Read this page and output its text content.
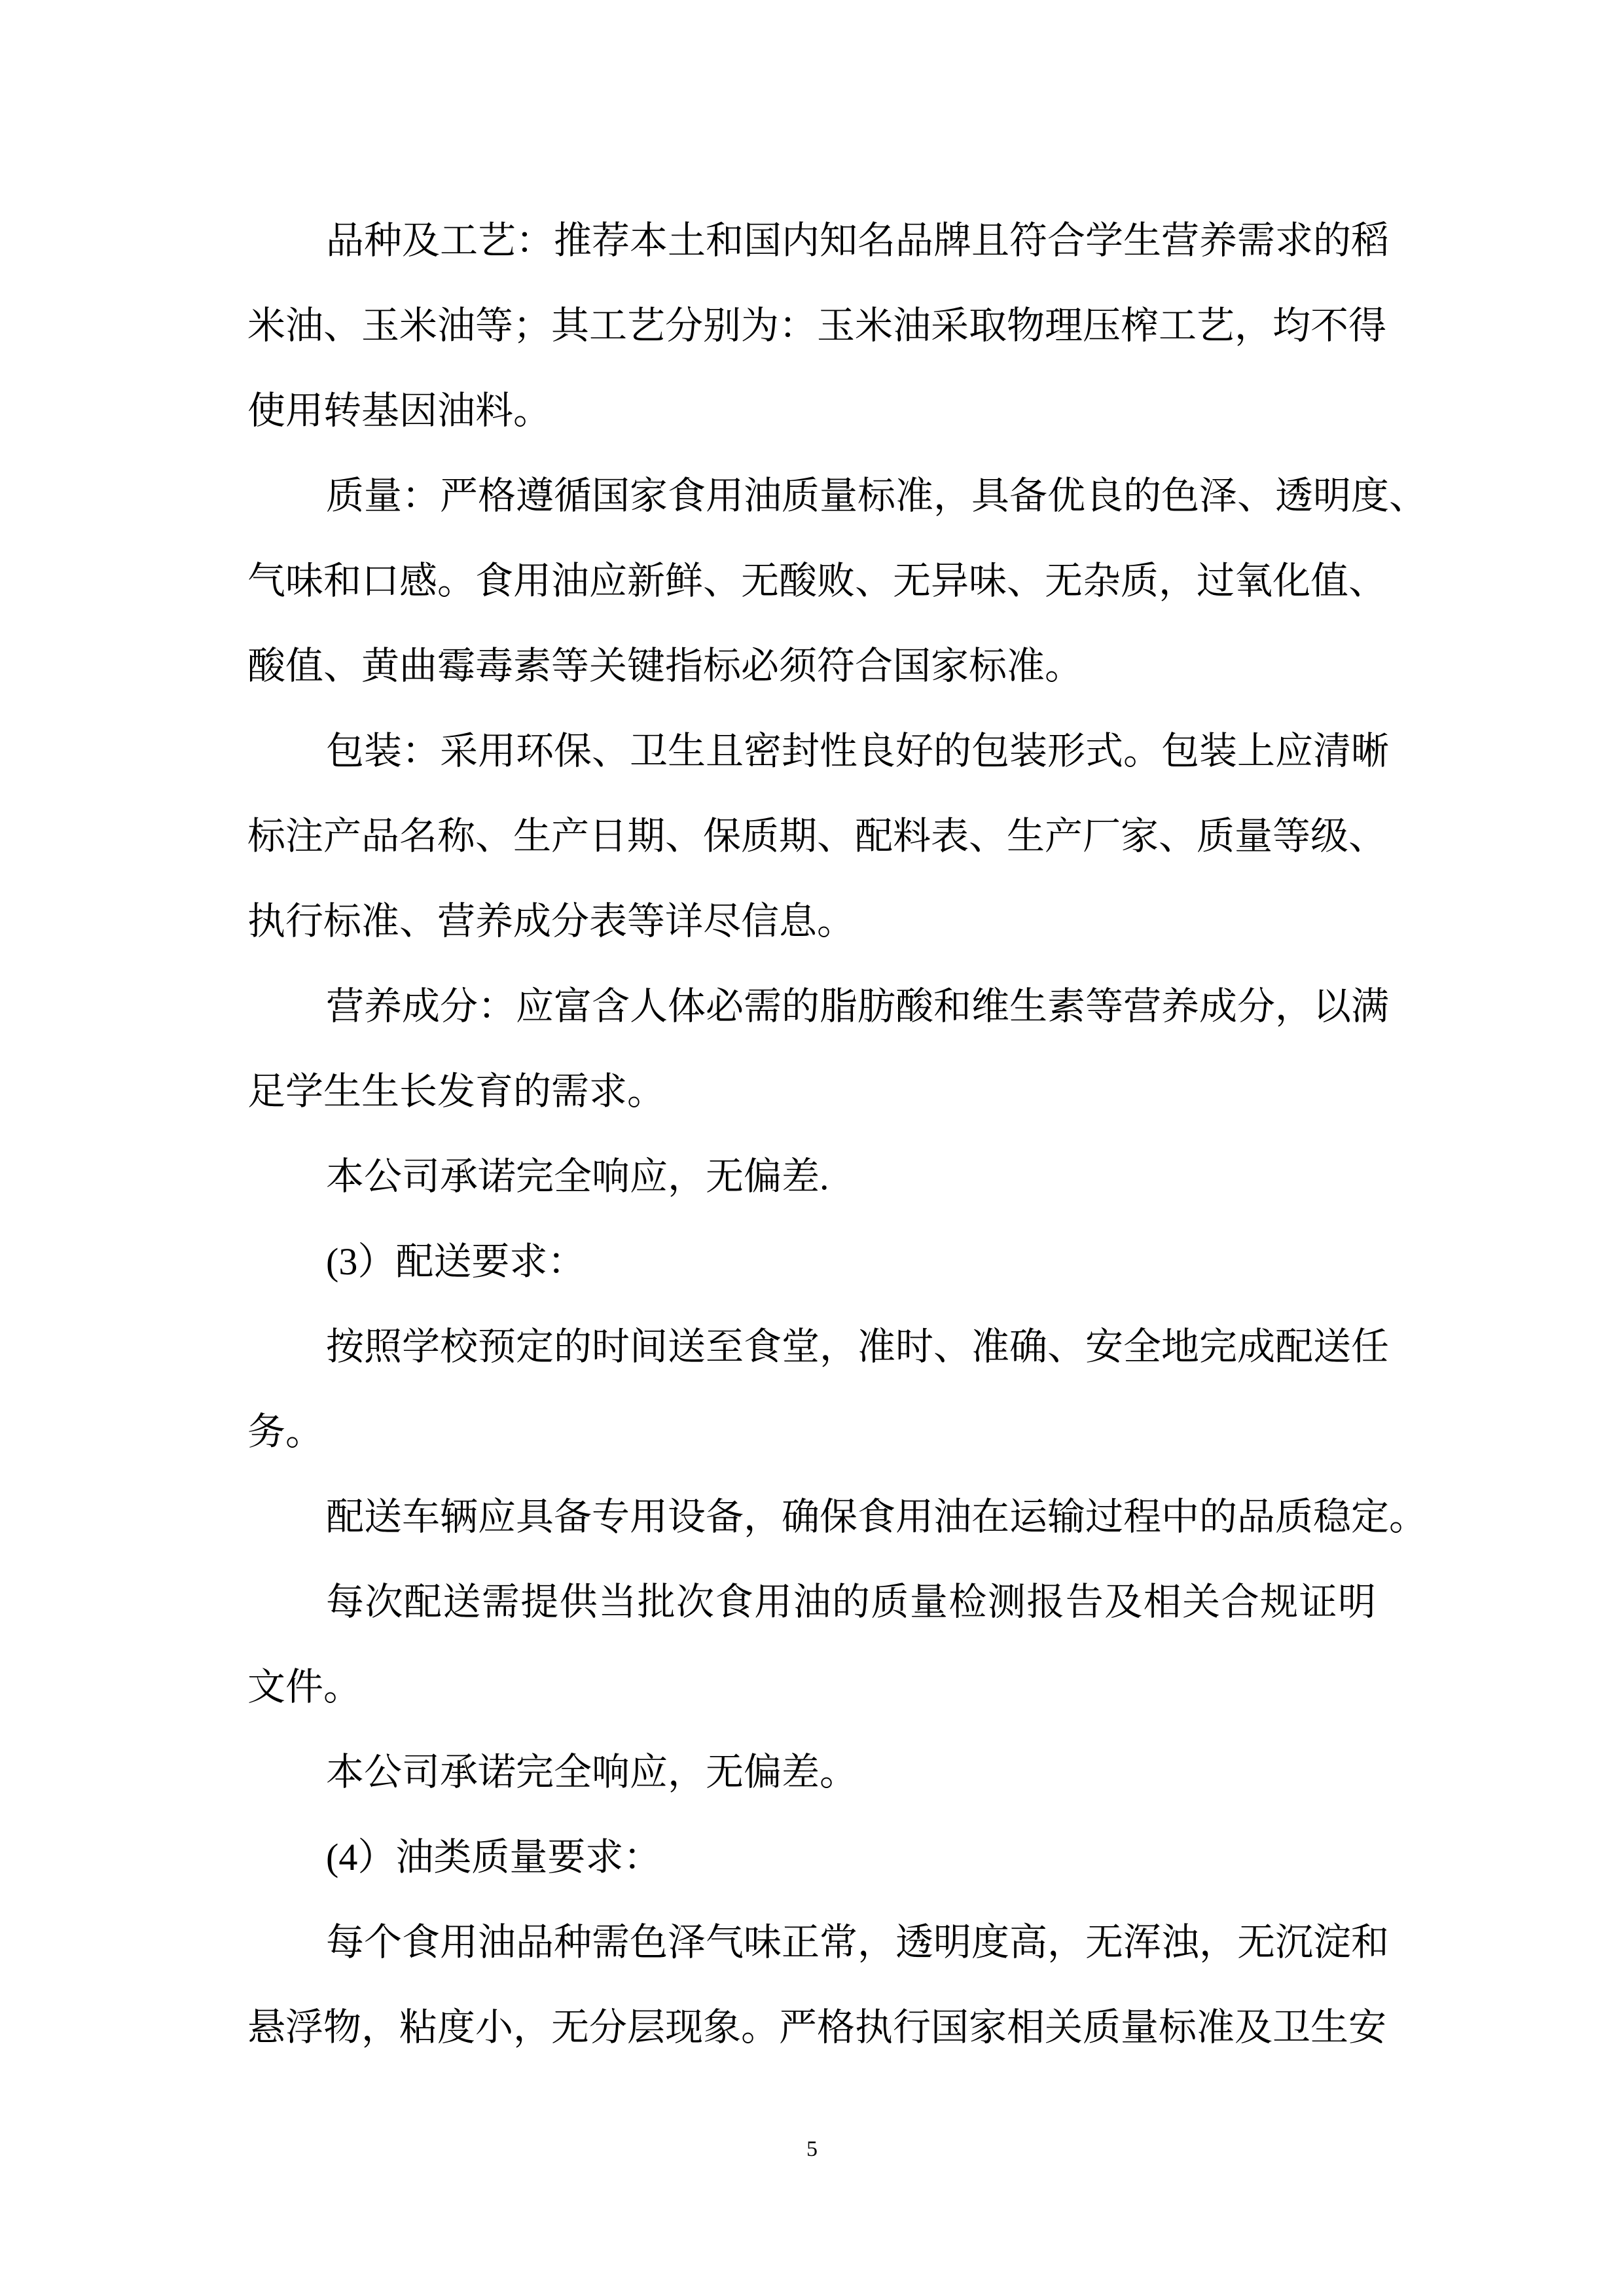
品种及工艺：推荐本土和国内知名品牌且符合学生营养需求的稻
米油、玉米油等；其工艺分别为：玉米油采取物理压榨工艺，均不得
使用转基因油料。
质量：严格遵循国家食用油质量标准，具备优良的色泽、透明度、
气味和口感。食用油应新鲜、无酸败、无异味、无杂质，过氧化值、
酸值、黄曲霉毒素等关键指标必须符合国家标准。
包装：采用环保、卫生且密封性良好的包装形式。包装上应清晰
标注产品名称、生产日期、保质期、配料表、生产厂家、质量等级、
执行标准、营养成分表等详尽信息。
营养成分：应富含人体必需的脂肪酸和维生素等营养成分，以满
足学生生长发育的需求。
本公司承诺完全响应，无偏差.
(3）配送要求：
按照学校预定的时间送至食堂，准时、准确、安全地完成配送任
务。
配送车辆应具备专用设备，确保食用油在运输过程中的品质稳定。
每次配送需提供当批次食用油的质量检测报告及相关合规证明
文件。
本公司承诺完全响应，无偏差。
(4）油类质量要求：
每个食用油品种需色泽气味正常，透明度高，无浑浊，无沉淀和
悬浮物，粘度小，无分层现象。严格执行国家相关质量标准及卫生安
5
